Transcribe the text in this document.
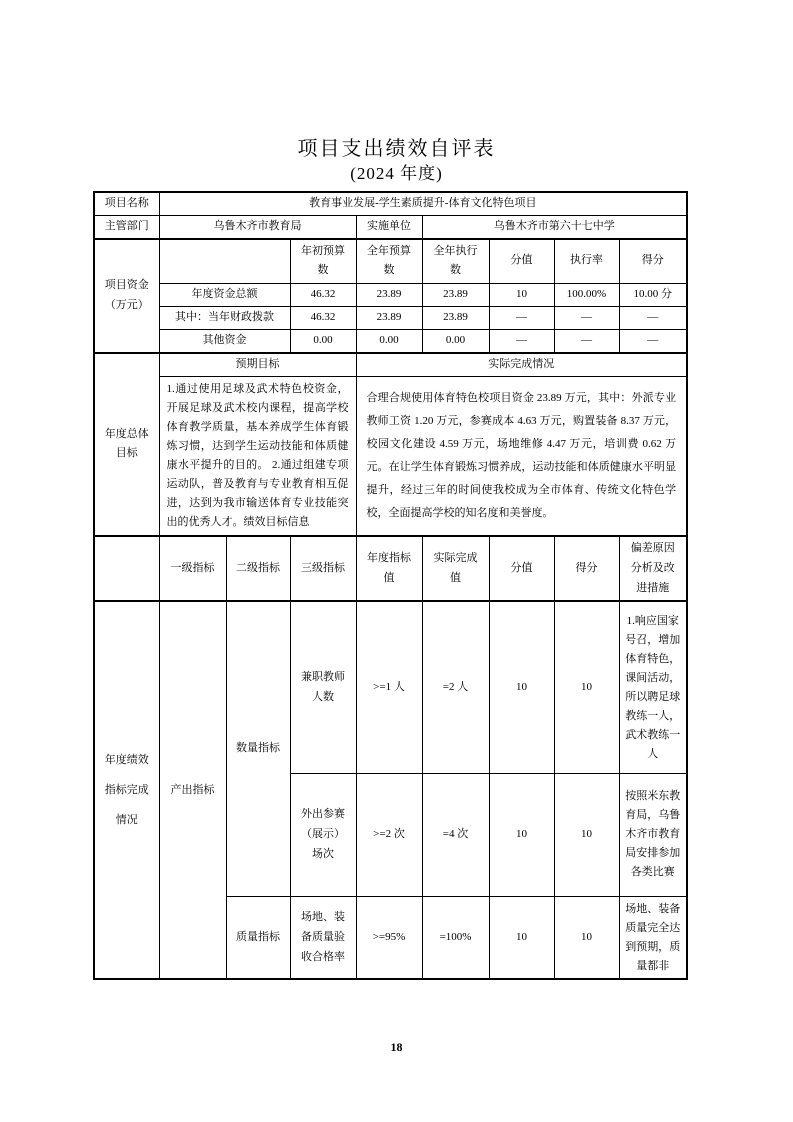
项目支出绩效自评表
(2024 年度)
项目名称	教育事业发展-学生素质提升-体育文化特色项目							
主管部门	乌鲁木齐市教育局			实施单位	乌鲁木齐市第六十七中学			
项目资金（万元）			年初预算数	全年预算数	全年执行数	分值	执行率	得分
	年度资金总额		46.32	23.89	23.89	10	100.00%	10.00 分
	其中：当年财政拨款		46.32	23.89	23.89	—	—	—
	其他资金		0.00	0.00	0.00	—	—	—
年度总体目标	预期目标			实际完成情况				
	1.通过使用足球及武术特色校资金，开展足球及武术校内课程，提高学校体育教学质量，基本养成学生体育锻炼习惯，达到学生运动技能和体质健康水平提升的目的。 2.通过组建专项运动队，普及教育与专业教育相互促进，达到为我市输送体育专业技能突出的优秀人才。绩效目标信息			合理合规使用体育特色校项目资金 23.89 万元，其中：外派专业教师工资 1.20 万元，参赛成本 4.63 万元，购置装备 8.37 万元，校园文化建设 4.59 万元，场地维修 4.47 万元，培训费 0.62 万元。在让学生体育锻炼习惯养成，运动技能和体质健康水平明显提升，经过三年的时间使我校成为全市体育、传统文化特色学校，全面提高学校的知名度和美誉度。				
	一级指标	二级指标	三级指标	年度指标值	实际完成值	分值	得分	偏差原因分析及改进措施
年度绩效指标完成情况	产出指标	数量指标	兼职教师人数	>=1 人	=2 人	10	10	1.响应国家号召，增加体育特色，课间活动，所以聘足球教练一人，武术教练一人
			外出参赛（展示）场次	>=2 次	=4 次	10	10	按照米东教育局，乌鲁木齐市教育局安排参加各类比赛
		质量指标	场地、装备质量验收合格率	>=95%	=100%	10	10	场地、装备质量完全达到预期，质量都非
18
